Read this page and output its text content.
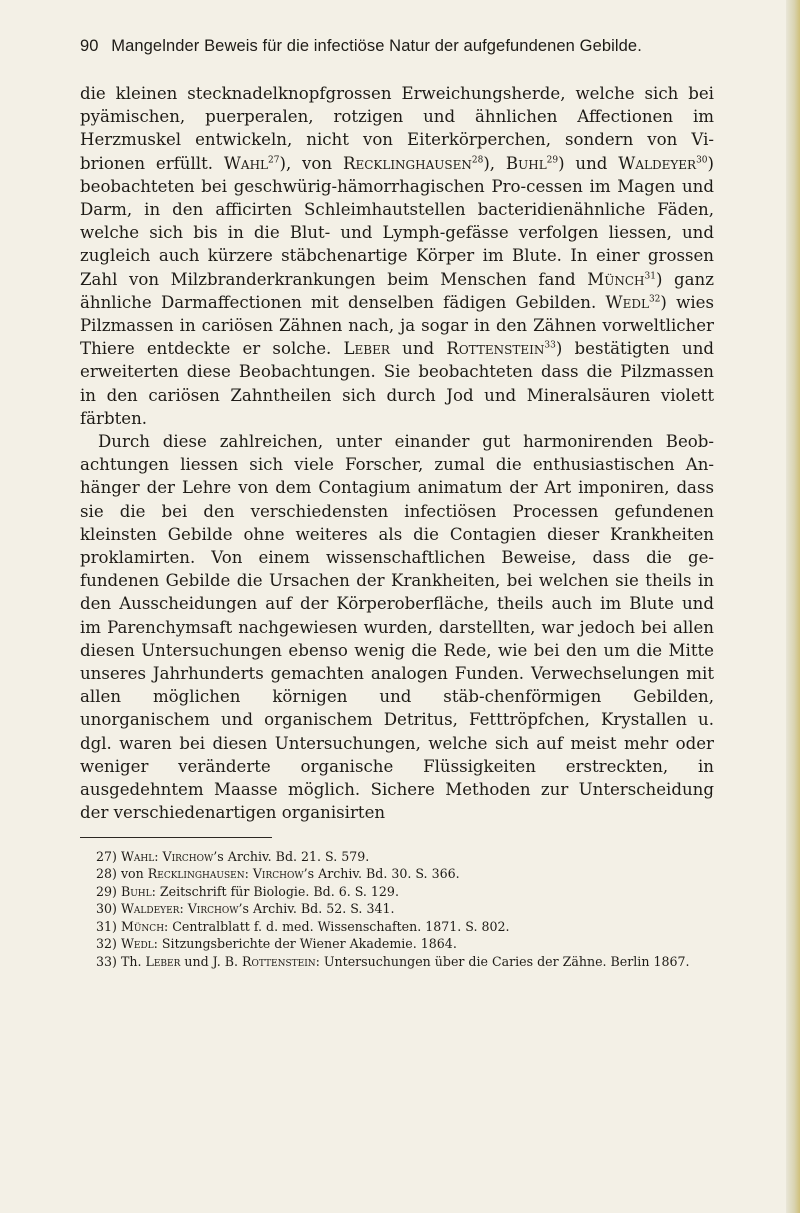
90 Mangelnder Beweis für die infectiöse Natur der aufgefundenen Gebilde.

die kleinen stecknadelknopfgrossen Erweichungsherde, welche sich bei pyämischen, puerperalen, rotzigen und ähnlichen Affectionen im Herzmuskel entwickeln, nicht von Eiterkörperchen, sondern von Vi-brionen erfüllt. Wahl$^{27}$), von Recklinghausen$^{28}$), Buhl$^{29}$) und Waldeyer$^{30}$) beobachteten bei geschwürig-hämorrhagischen Pro-cessen im Magen und Darm, in den afficirten Schleimhautstellen bacteridienähnliche Fäden, welche sich bis in die Blut- und Lymph-gefässe verfolgen liessen, und zugleich auch kürzere stäbchenartige Körper im Blute. In einer grossen Zahl von Milzbranderkrankungen beim Menschen fand Münch$^{31}$) ganz ähnliche Darmaffectionen mit denselben fädigen Gebilden. Wedl$^{32}$) wies Pilzmassen in cariösen Zähnen nach, ja sogar in den Zähnen vorweltlicher Thiere entdeckte er solche. Leber und Rottenstein$^{33}$) bestätigten und erweiterten diese Beobachtungen. Sie beobachteten dass die Pilzmassen in den cariösen Zahntheilen sich durch Jod und Mineralsäuren violett färbten.

Durch diese zahlreichen, unter einander gut harmonirenden Beob-achtungen liessen sich viele Forscher, zumal die enthusiastischen An-hänger der Lehre von dem Contagium animatum der Art imponiren, dass sie die bei den verschiedensten infectiösen Processen gefundenen kleinsten Gebilde ohne weiteres als die Contagien dieser Krankheiten proklamirten. Von einem wissenschaftlichen Beweise, dass die ge-fundenen Gebilde die Ursachen der Krankheiten, bei welchen sie theils in den Ausscheidungen auf der Körperoberfläche, theils auch im Blute und im Parenchymsaft nachgewiesen wurden, darstellten, war jedoch bei allen diesen Untersuchungen ebenso wenig die Rede, wie bei den um die Mitte unseres Jahrhunderts gemachten analogen Funden. Verwechselungen mit allen möglichen körnigen und stäb-chenförmigen Gebilden, unorganischem und organischem Detritus, Fetttröpfchen, Krystallen u. dgl. waren bei diesen Untersuchungen, welche sich auf meist mehr oder weniger veränderte organische Flüssigkeiten erstreckten, in ausgedehntem Maasse möglich. Sichere Methoden zur Unterscheidung der verschiedenartigen organisirten

27) Wahl: Virchow’s Archiv. Bd. 21. S. 579.
28) von Recklinghausen: Virchow’s Archiv. Bd. 30. S. 366.
29) Buhl: Zeitschrift für Biologie. Bd. 6. S. 129.
30) Waldeyer: Virchow’s Archiv. Bd. 52. S. 341.
31) Münch: Centralblatt f. d. med. Wissenschaften. 1871. S. 802.
32) Wedl: Sitzungsberichte der Wiener Akademie. 1864.
33) Th. Leber und J. B. Rottenstein: Untersuchungen über die Caries der Zähne. Berlin 1867.
